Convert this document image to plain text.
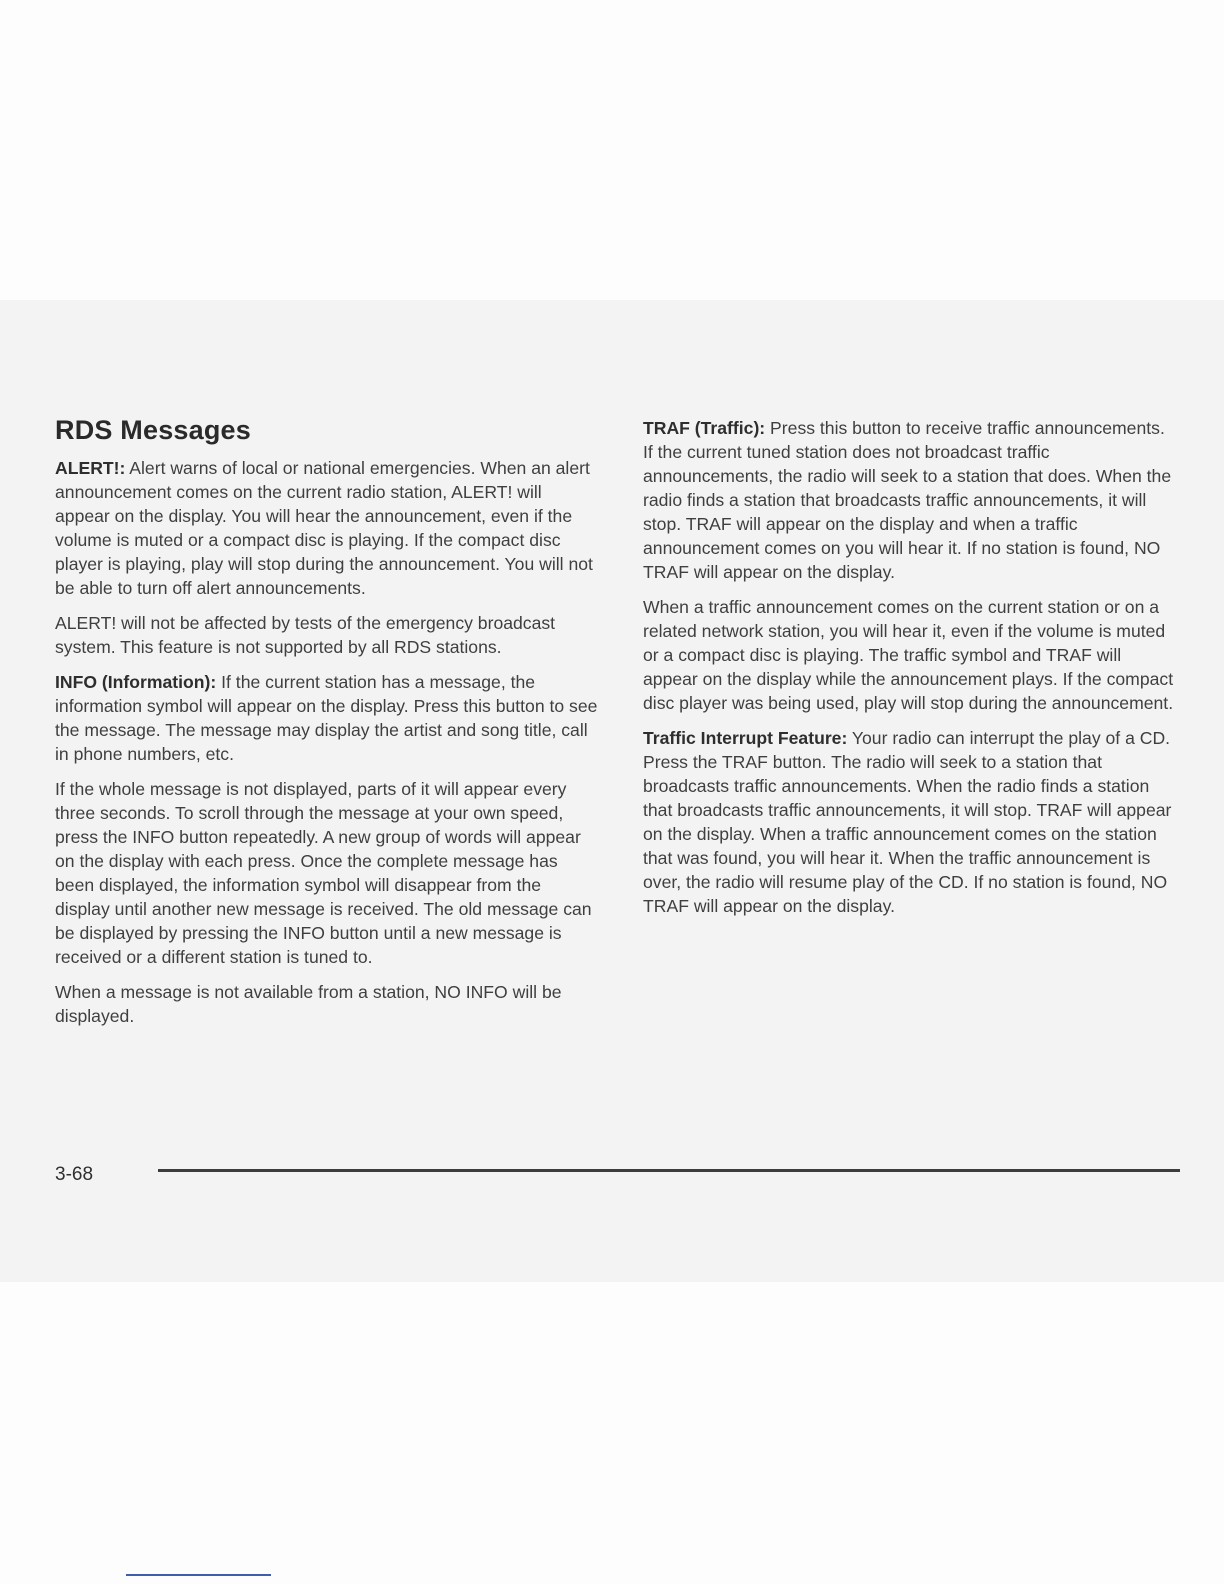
RDS Messages

ALERT!: Alert warns of local or national emergencies. When an alert announcement comes on the current radio station, ALERT! will appear on the display. You will hear the announcement, even if the volume is muted or a compact disc is playing. If the compact disc player is playing, play will stop during the announcement. You will not be able to turn off alert announcements.

ALERT! will not be affected by tests of the emergency broadcast system. This feature is not supported by all RDS stations.

INFO (Information): If the current station has a message, the information symbol will appear on the display. Press this button to see the message. The message may display the artist and song title, call in phone numbers, etc.

If the whole message is not displayed, parts of it will appear every three seconds. To scroll through the message at your own speed, press the INFO button repeatedly. A new group of words will appear on the display with each press. Once the complete message has been displayed, the information symbol will disappear from the display until another new message is received. The old message can be displayed by pressing the INFO button until a new message is received or a different station is tuned to.

When a message is not available from a station, NO INFO will be displayed.

TRAF (Traffic): Press this button to receive traffic announcements. If the current tuned station does not broadcast traffic announcements, the radio will seek to a station that does. When the radio finds a station that broadcasts traffic announcements, it will stop. TRAF will appear on the display and when a traffic announcement comes on you will hear it. If no station is found, NO TRAF will appear on the display.

When a traffic announcement comes on the current station or on a related network station, you will hear it, even if the volume is muted or a compact disc is playing. The traffic symbol and TRAF will appear on the display while the announcement plays. If the compact disc player was being used, play will stop during the announcement.

Traffic Interrupt Feature: Your radio can interrupt the play of a CD. Press the TRAF button. The radio will seek to a station that broadcasts traffic announcements. When the radio finds a station that broadcasts traffic announcements, it will stop. TRAF will appear on the display. When a traffic announcement comes on the station that was found, you will hear it. When the traffic announcement is over, the radio will resume play of the CD. If no station is found, NO TRAF will appear on the display.

3-68
